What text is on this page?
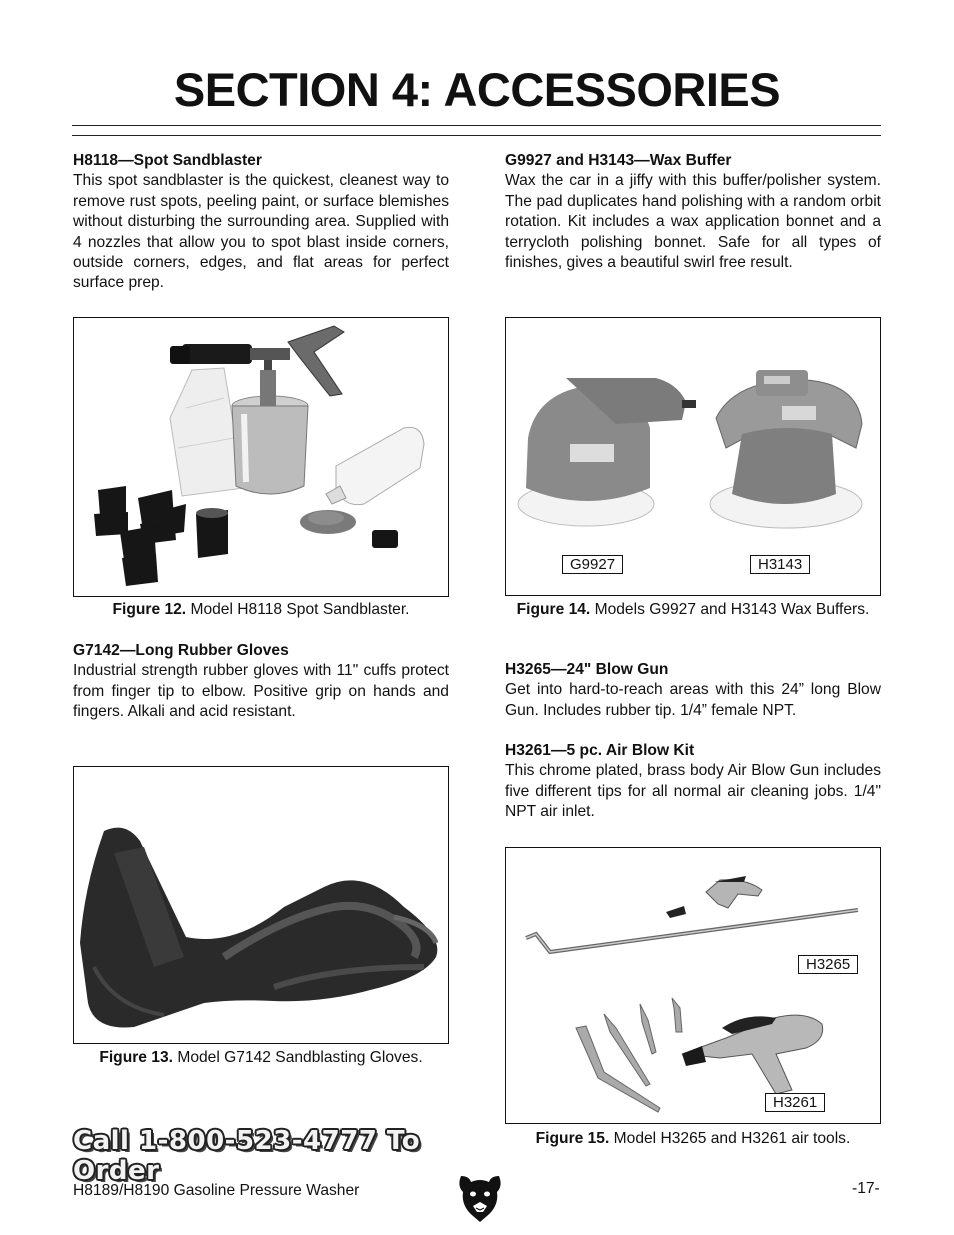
SECTION 4: ACCESSORIES
H8118—Spot Sandblaster
This spot sandblaster is the quickest, cleanest way to remove rust spots, peeling paint, or surface blemishes without disturbing the surrounding area. Supplied with 4 nozzles that allow you to spot blast inside corners, outside corners, edges, and flat areas for perfect surface prep.
Figure 12. Model H8118 Spot Sandblaster.
G7142—Long Rubber Gloves
Industrial strength rubber gloves with 11" cuffs protect from finger tip to elbow. Positive grip on hands and fingers. Alkali and acid resistant.
Figure 13. Model G7142 Sandblasting Gloves.
G9927 and H3143—Wax Buffer
Wax the car in a jiffy with this buffer/polisher system. The pad duplicates hand polishing with a random orbit rotation. Kit includes a wax application bonnet and a terrycloth polishing bonnet. Safe for all types of finishes, gives a beautiful swirl free result.
G9927	H3143
Figure 14. Models G9927 and H3143 Wax Buffers.
H3265—24" Blow Gun
Get into hard-to-reach areas with this 24” long Blow Gun. Includes rubber tip. 1/4” female NPT.
H3261—5 pc. Air Blow Kit
This chrome plated, brass body Air Blow Gun includes five different tips for all normal air cleaning jobs. 1/4" NPT air inlet.
H3265
H3261
Figure 15. Model H3265 and H3261 air tools.
Call 1-800-523-4777 To Order
H8189/H8190 Gasoline Pressure Washer	-17-
